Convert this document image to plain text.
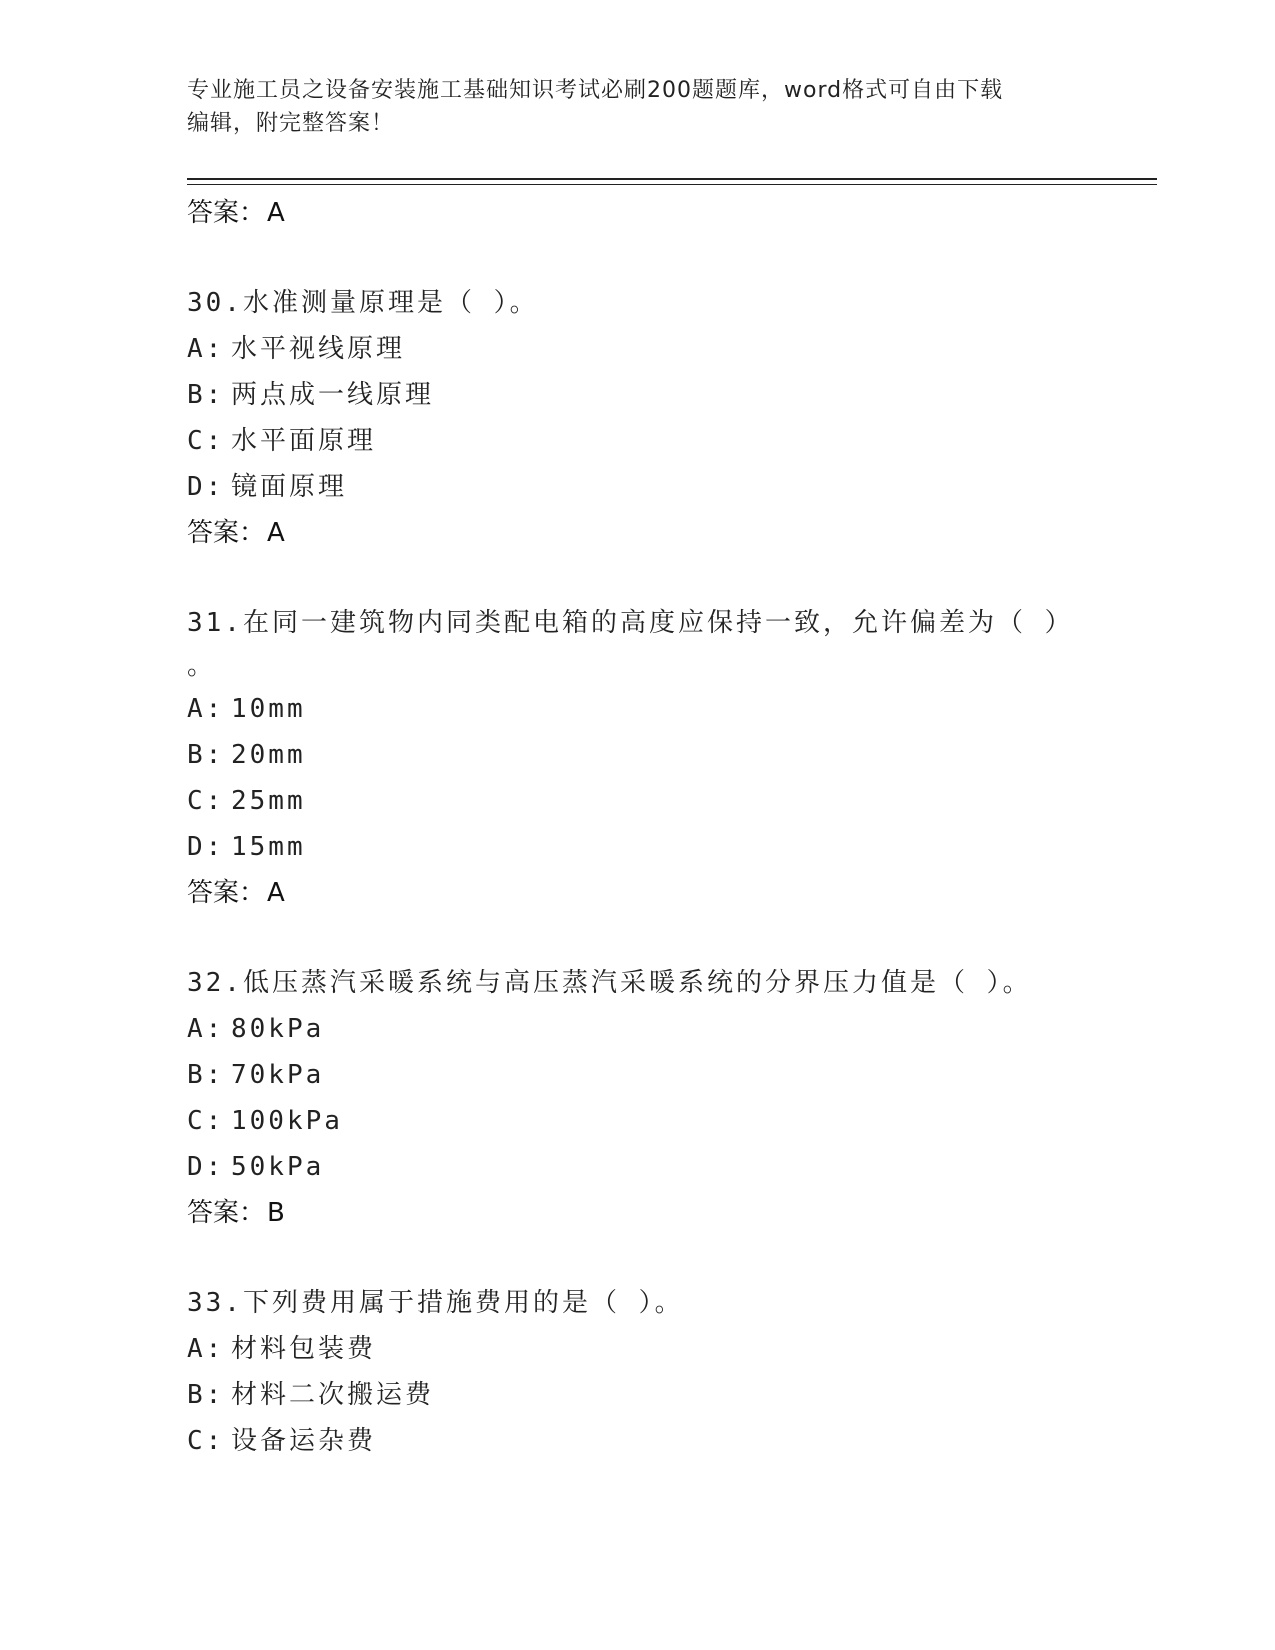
专业施工员之设备安装施工基础知识考试必刷200题题库，word格式可自由下载
编辑，附完整答案！
答案：A
30.水准测量原理是（ ）。
A: 水平视线原理
B: 两点成一线原理
C: 水平面原理
D: 镜面原理
答案：A
31.在同一建筑物内同类配电箱的高度应保持一致，允许偏差为（ ）
。
A: 10mm
B: 20mm
C: 25mm
D: 15mm
答案：A
32.低压蒸汽采暖系统与高压蒸汽采暖系统的分界压力值是（ ）。
A: 80kPa
B: 70kPa
C: 100kPa
D: 50kPa
答案：B
33.下列费用属于措施费用的是（ ）。
A: 材料包装费
B: 材料二次搬运费
C: 设备运杂费
